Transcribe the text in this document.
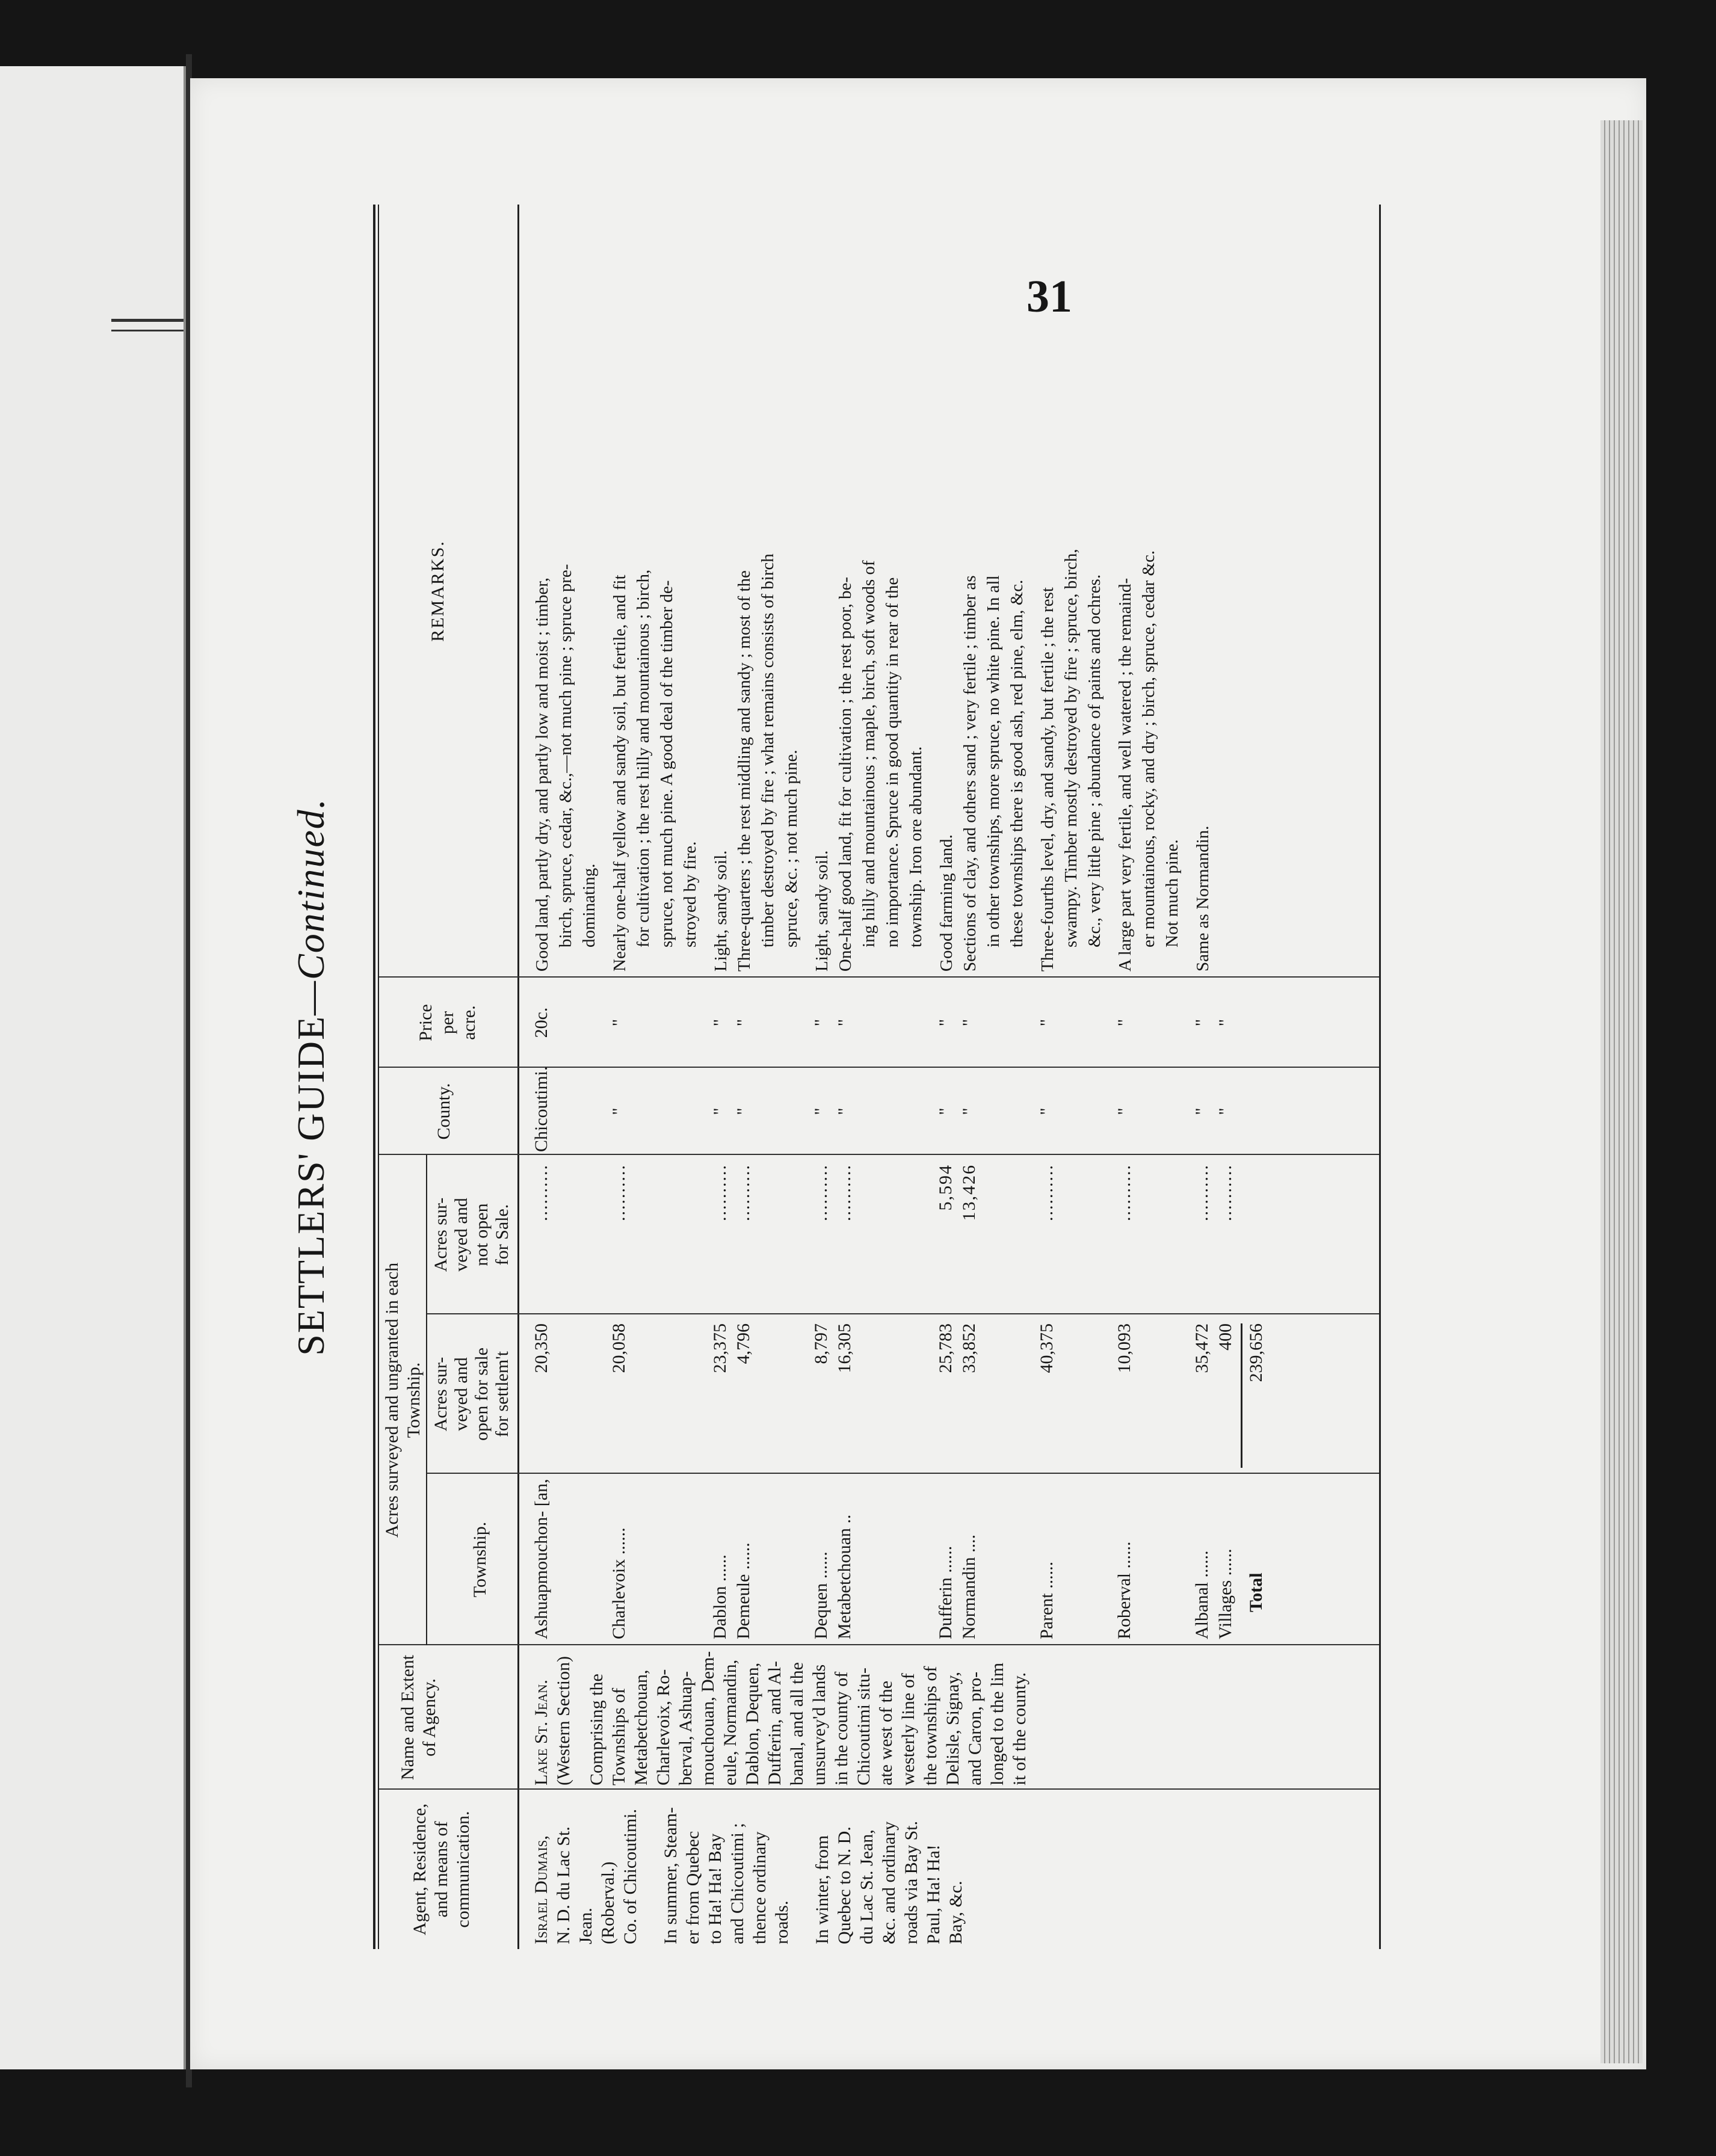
31
SETTLERS' GUIDE—Continued.
Agent, Residence, and means of communication.
Name and Extent of Agency.
Acres surveyed and ungranted in each Township.
Township.
Acres sur- veyed and open for sale for settlem't
Acres sur- veyed and not open for Sale.
County.
Price per acre.
REMARKS.
Israel Dumais, N. D. du Lac St. Jean. (Roberval.) Co. of Chicoutimi. In summer, Steam- er from Quebec to Ha! Ha! Bay and Chicoutimi ; thence ordinary roads. In winter, from Quebec to N. D. du Lac St. Jean, &c. and ordinary roads via Bay St. Paul, Ha! Ha! Bay, &c.
Lake St. Jean. (Western Section) Comprising the Townships of Metabetchouan, Charlevoix, Ro- berval, Ashuap- mouchouan, Dem- eule, Normandin, Dablon, Dequen, Dufferin, and Al- banal, and all the unsurvey'd lands in the county of Chicoutimi situ- ate west of the westerly line of the townships of Delisle, Signay, and Caron, pro- longed to the lim it of the county.
Ashuapmouchon- [an,
20,350
..........
Chicoutimi.
20c.
Good land, partly dry, and partly low and moist ; timber, birch, spruce, cedar, &c.,—not much pine ; spruce pre- dominating.
Charlevoix ......
20,058
..........
"
"
Nearly one-half yellow and sandy soil, but fertile, and fit for cultivation ; the rest hilly and mountainous ; birch, spruce, not much pine. A good deal of the timber de- stroyed by fire.
Dablon ......
23,375
..........
"
"
Light, sandy soil.
Demeule ......
4,796
..........
"
"
Three-quarters ; the rest middling and sandy ; most of the timber destroyed by fire ; what remains consists of birch spruce, &c. ; not much pine.
Dequen ......
8,797
..........
"
"
Light, sandy soil.
Metabetchouan ..
16,305
..........
"
"
One-half good land, fit for cultivation ; the rest poor, be- ing hilly and mountainous ; maple, birch, soft woods of no importance. Spruce in good quantity in rear of the township. Iron ore abundant.
Dufferin ......
25,783
5,594
"
"
Good farming land.
Normandin ....
33,852
13,426
"
"
Sections of clay, and others sand ; very fertile ; timber as in other townships, more spruce, no white pine. In all these townships there is good ash, red pine, elm, &c.
Parent ......
40,375
..........
"
"
Three-fourths level, dry, and sandy, but fertile ; the rest swampy. Timber mostly destroyed by fire ; spruce, birch, &c., very little pine ; abundance of paints and ochres.
Roberval ......
10,093
..........
"
"
A large part very fertile, and well watered ; the remaind- er mountainous, rocky, and dry ; birch, spruce, cedar &c. Not much pine.
Albanal ......
35,472
..........
"
"
Same as Normandin.
Villages ......
400
..........
"
"
Total
239,656
